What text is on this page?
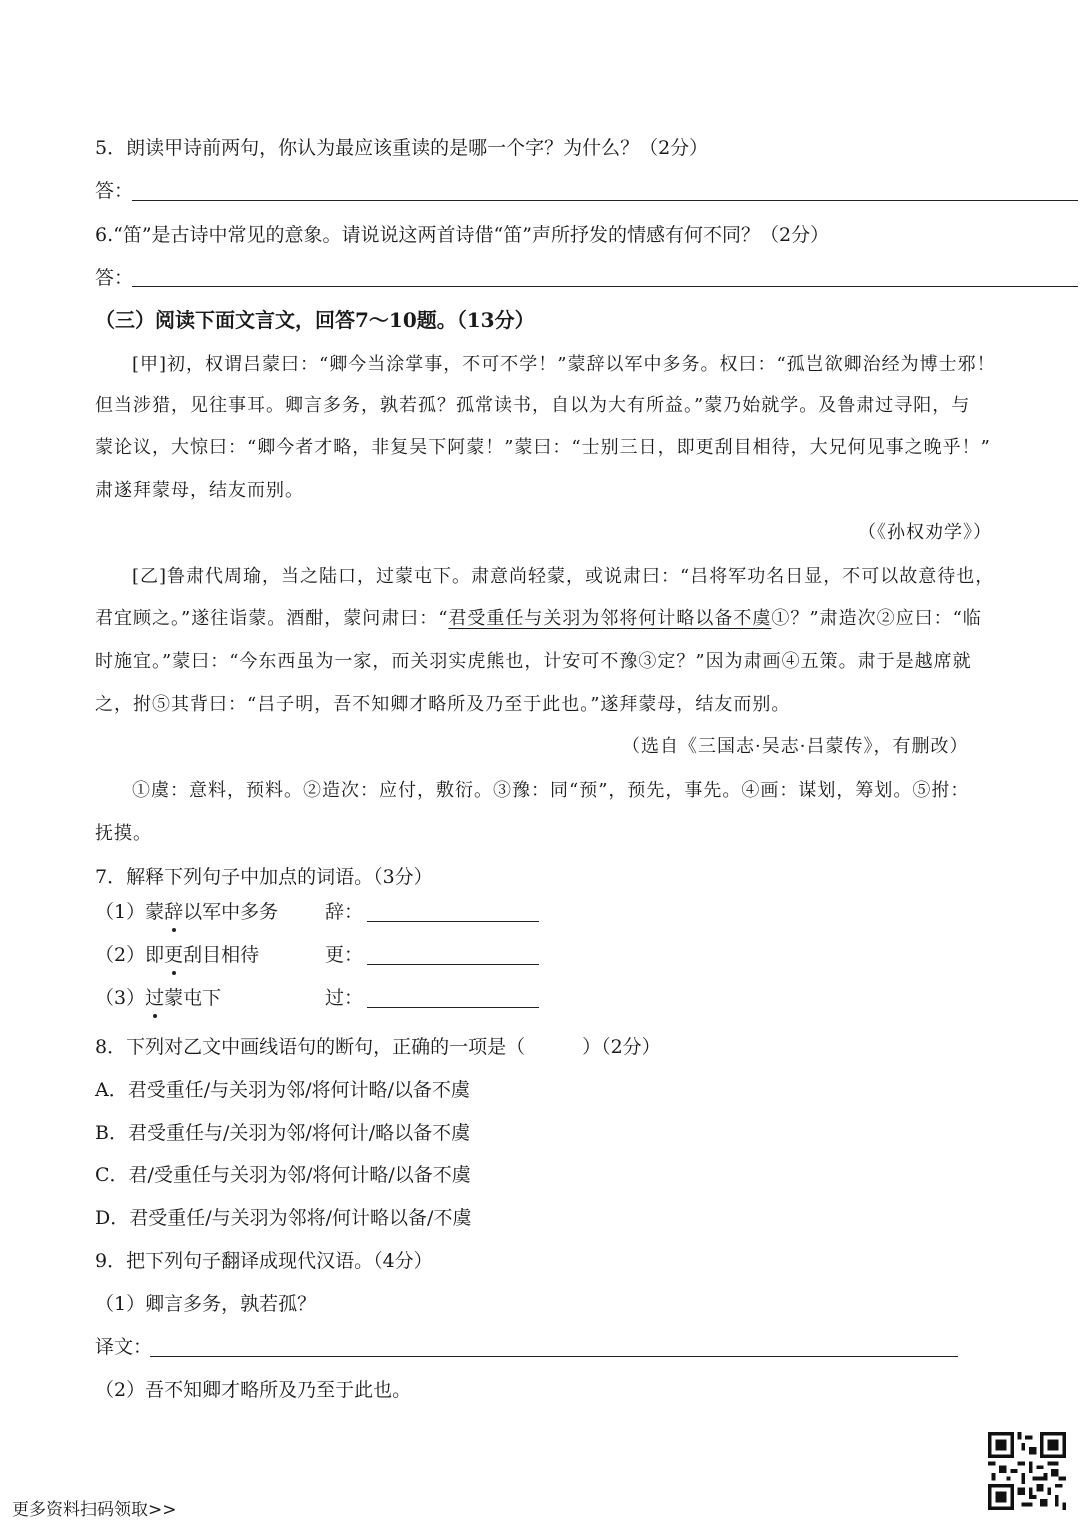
5．朗读甲诗前两句，你认为最应该重读的是哪一个字？为什么？（2分）
答：
6.“笛”是古诗中常见的意象。请说说这两首诗借“笛”声所抒发的情感有何不同？（2分）
答：
（三）阅读下面文言文，回答7～10题。（13分）
[甲]初，权谓吕蒙曰：“卿今当涂掌事，不可不学！”蒙辞以军中多务。权曰：“孤岂欲卿治经为博士邪！
但当涉猎，见往事耳。卿言多务，孰若孤？孤常读书，自以为大有所益。”蒙乃始就学。及鲁肃过寻阳，与
蒙论议，大惊曰：“卿今者才略，非复吴下阿蒙！”蒙曰：“士别三日，即更刮目相待，大兄何见事之晚乎！”
肃遂拜蒙母，结友而别。
（《孙权劝学》）
[乙]鲁肃代周瑜，当之陆口，过蒙屯下。肃意尚轻蒙，或说肃曰：“吕将军功名日显，不可以故意待也，
君宜顾之。”遂往诣蒙。酒酣，蒙问肃曰：“君受重任与关羽为邻将何计略以备不虞①？”肃造次②应曰：“临
时施宜。”蒙曰：“今东西虽为一家，而关羽实虎熊也，计安可不豫③定？”因为肃画④五策。肃于是越席就
之，拊⑤其背曰：“吕子明，吾不知卿才略所及乃至于此也。”遂拜蒙母，结友而别。
（选自《三国志·吴志·吕蒙传》，有删改）
①虞：意料，预料。②造次：应付，敷衍。③豫：同“预”，预先，事先。④画：谋划，筹划。⑤拊：
抚摸。
7．解释下列句子中加点的词语。（3分）
（1）蒙辞以军中多务 辞：
（2）即更刮目相待	更：
（3）过蒙屯下	过：
8．下列对乙文中画线语句的断句，正确的一项是（　　　）（2分）
A．君受重任/与关羽为邻/将何计略/以备不虞
B．君受重任与/关羽为邻/将何计/略以备不虞
C．君/受重任与关羽为邻/将何计略/以备不虞
D．君受重任/与关羽为邻将/何计略以备/不虞
9．把下列句子翻译成现代汉语。（4分）
（1）卿言多务，孰若孤？
译文：
（2）吾不知卿才略所及乃至于此也。
更多资料扫码领取>>
